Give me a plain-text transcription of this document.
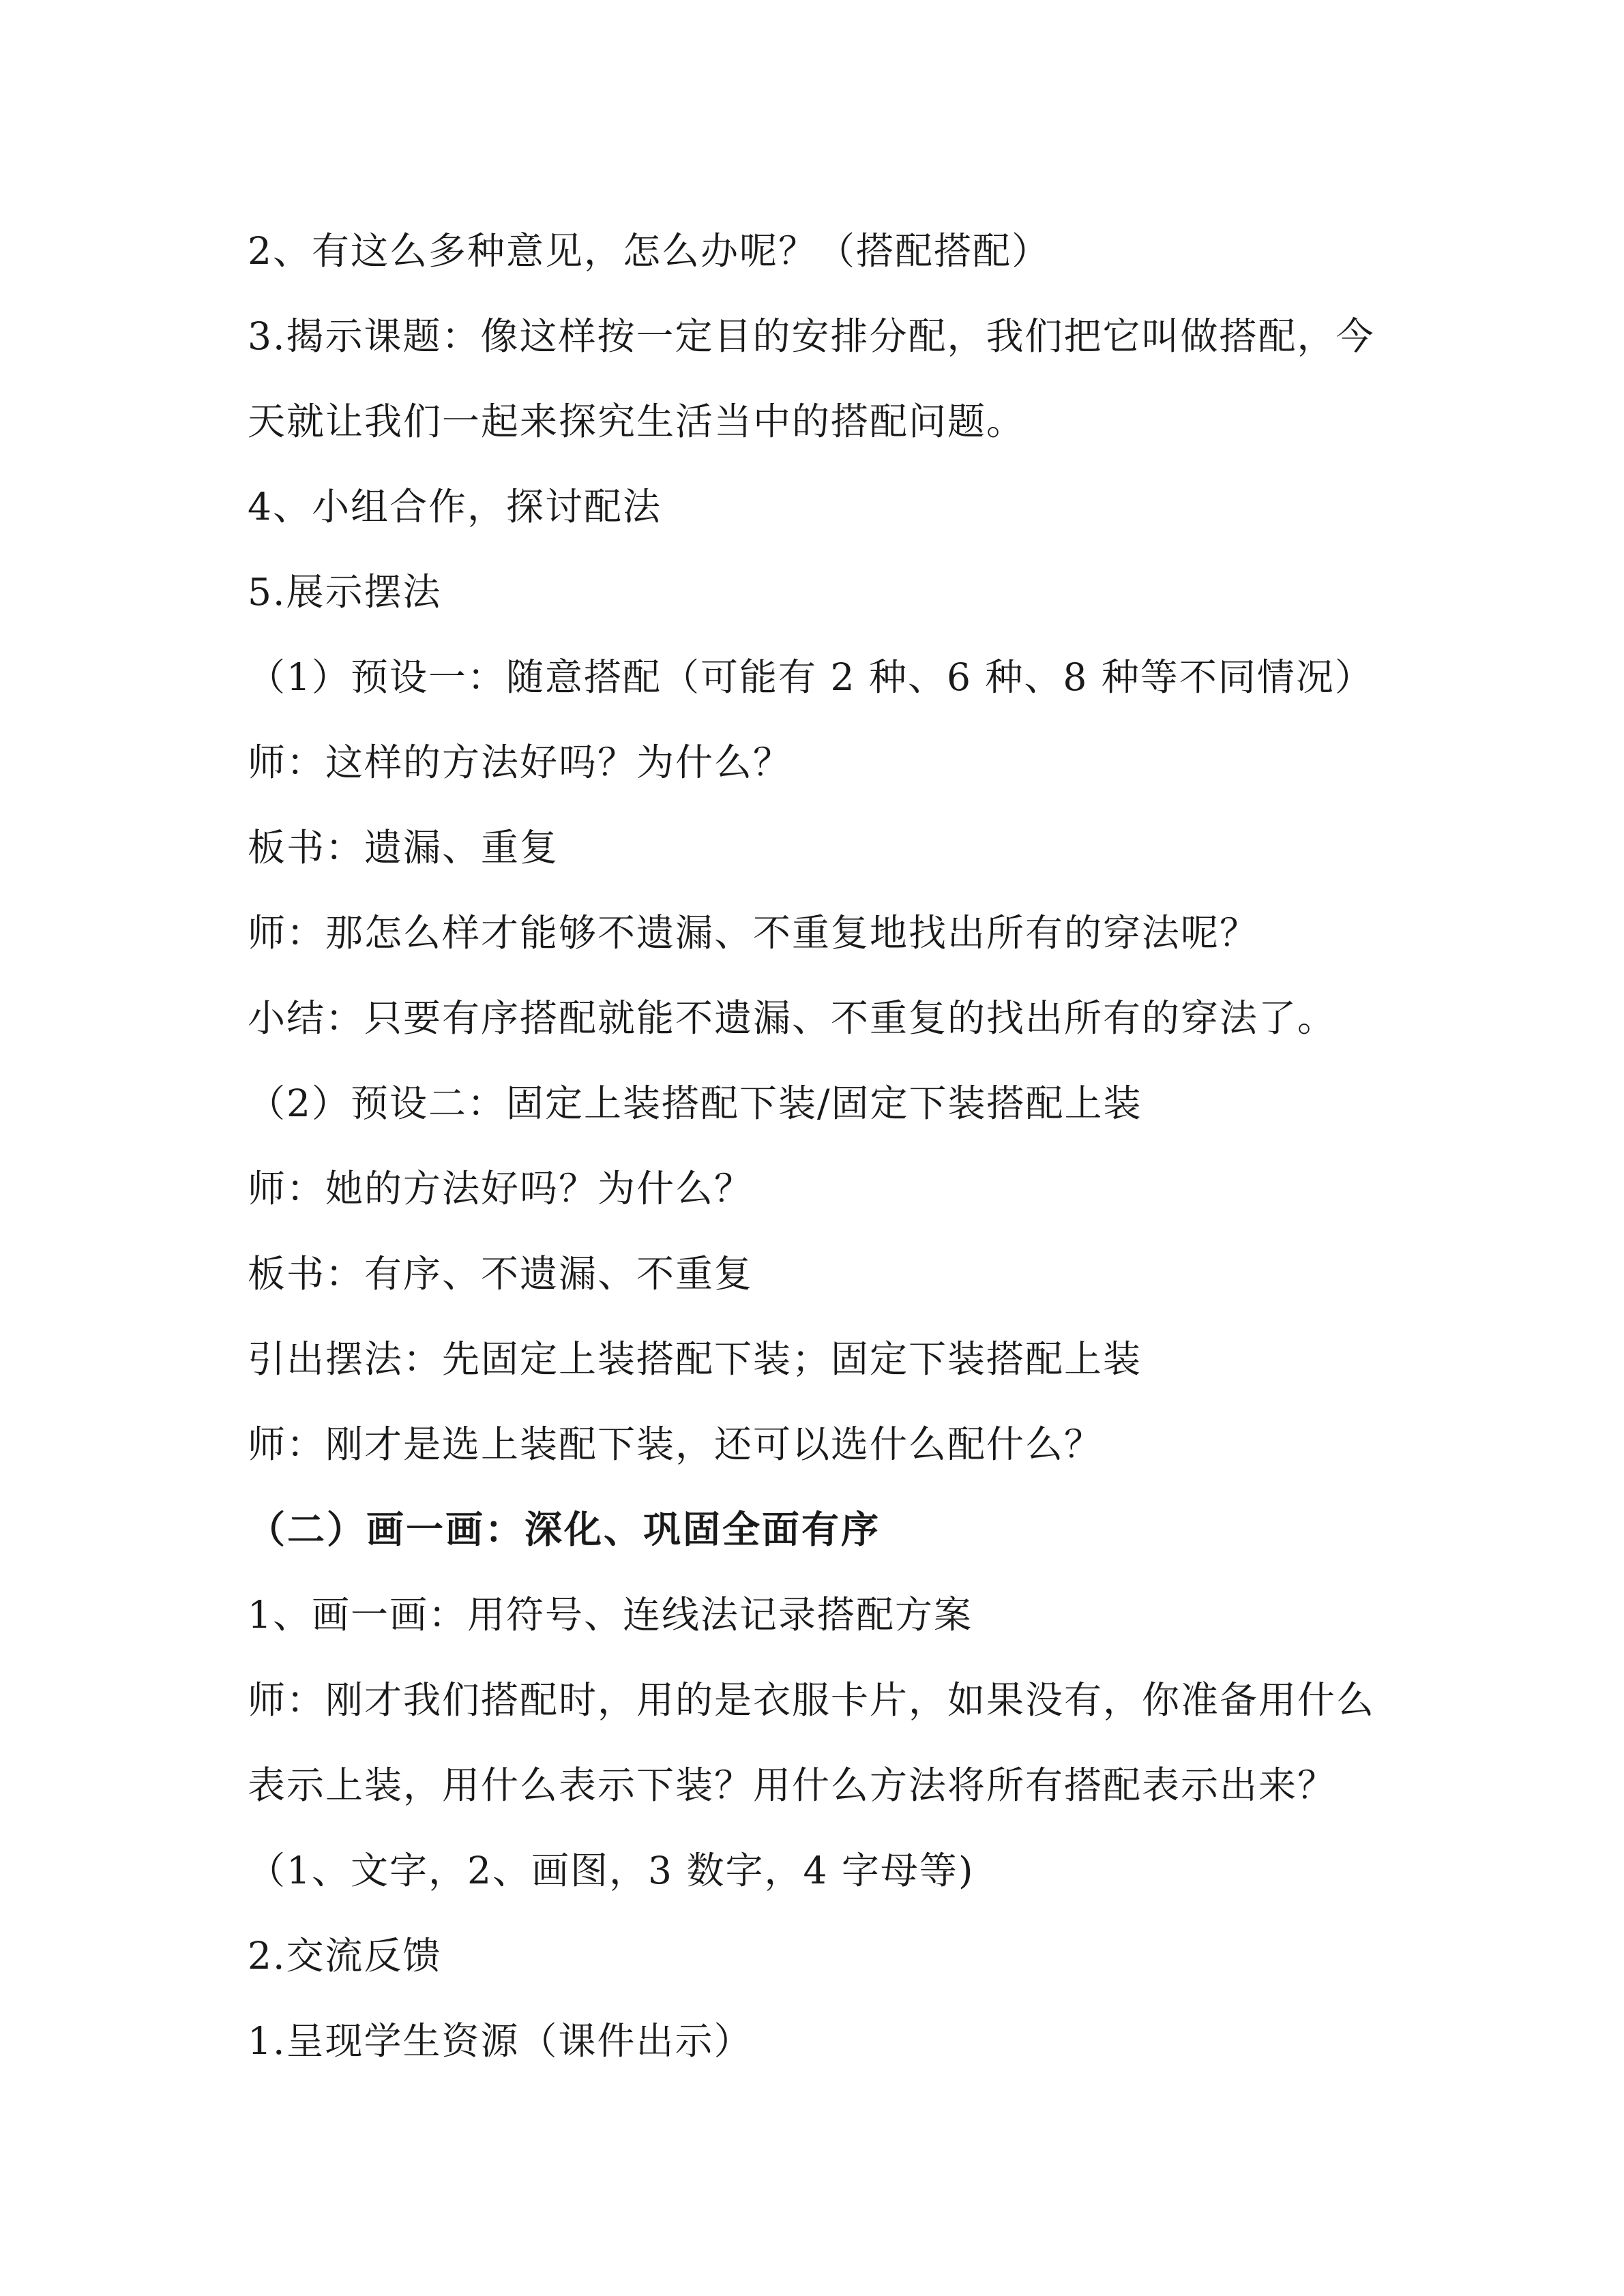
2、有这么多种意见，怎么办呢？（搭配搭配）
3.揭示课题：像这样按一定目的安排分配，我们把它叫做搭配，今
天就让我们一起来探究生活当中的搭配问题。
4、小组合作，探讨配法
5.展示摆法
（1）预设一：随意搭配（可能有 2 种、6 种、8 种等不同情况）
师：这样的方法好吗？为什么？
板书：遗漏、重复
师：那怎么样才能够不遗漏、不重复地找出所有的穿法呢？
小结：只要有序搭配就能不遗漏、不重复的找出所有的穿法了。
（2）预设二：固定上装搭配下装/固定下装搭配上装
师：她的方法好吗？为什么？
板书：有序、不遗漏、不重复
引出摆法：先固定上装搭配下装；固定下装搭配上装
师：刚才是选上装配下装，还可以选什么配什么？
（二）画一画：深化、巩固全面有序
1、画一画：用符号、连线法记录搭配方案
师：刚才我们搭配时，用的是衣服卡片，如果没有，你准备用什么
表示上装，用什么表示下装？用什么方法将所有搭配表示出来？
（1、文字，2、画图，3 数字，4 字母等)
2.交流反馈
1.呈现学生资源（课件出示）
